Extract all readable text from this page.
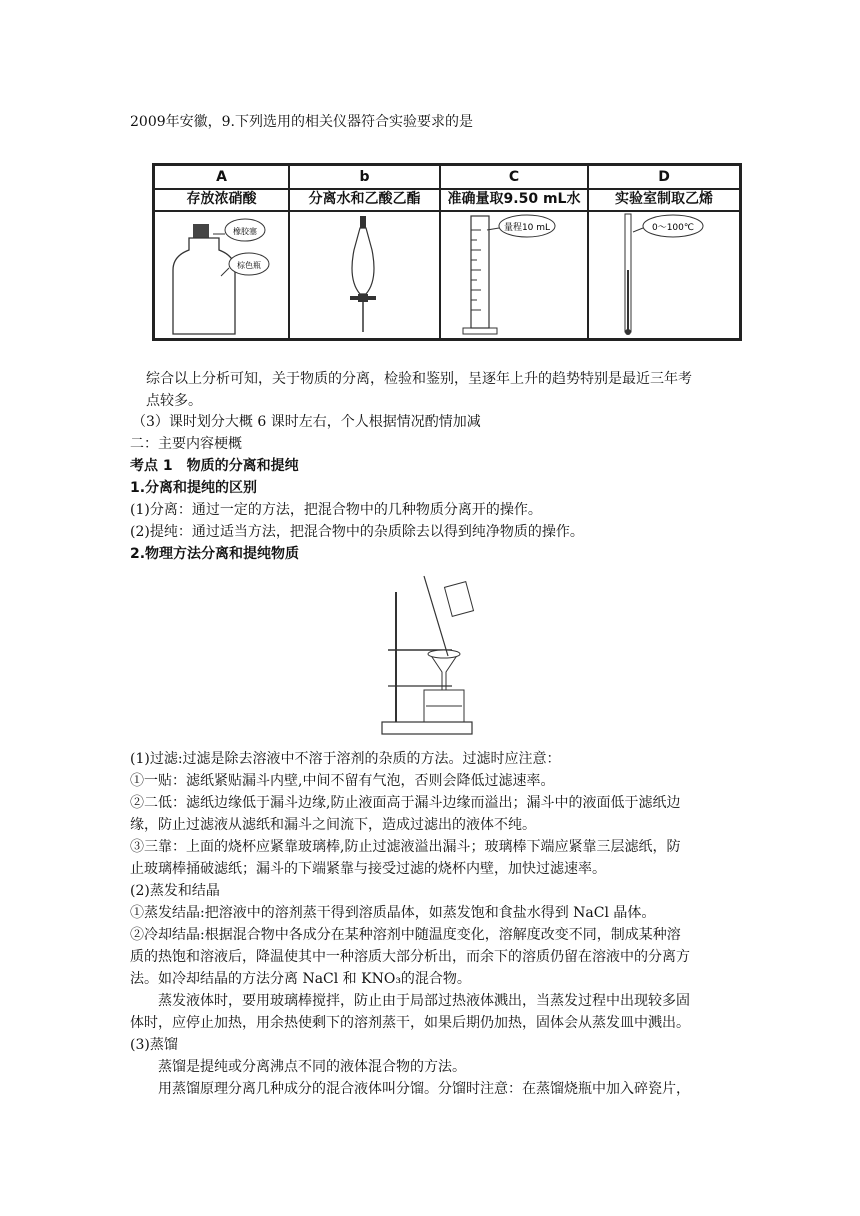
2009年安徽，9.下列选用的相关仪器符合实验要求的是
A
存放浓硝酸
橡胶塞
棕色瓶
b
分离水和乙酸乙酯
C
准确量取9.50 mL水
量程10 mL
D
实验室制取乙烯
0～100℃
综合以上分析可知，关于物质的分离，检验和鉴别，呈逐年上升的趋势特别是最近三年考
点较多。
（3）课时划分大概 6 课时左右，个人根据情况酌情加减
二：主要内容梗概
考点 1　物质的分离和提纯
1.分离和提纯的区别
(1)分离：通过一定的方法，把混合物中的几种物质分离开的操作。
(2)提纯：通过适当方法，把混合物中的杂质除去以得到纯净物质的操作。
2.物理方法分离和提纯物质
(1)过滤:过滤是除去溶液中不溶于溶剂的杂质的方法。过滤时应注意：
①一贴：滤纸紧贴漏斗内壁,中间不留有气泡，否则会降低过滤速率。
②二低：滤纸边缘低于漏斗边缘,防止液面高于漏斗边缘而溢出；漏斗中的液面低于滤纸边
缘，防止过滤液从滤纸和漏斗之间流下，造成过滤出的液体不纯。
③三靠：上面的烧杯应紧靠玻璃棒,防止过滤液溢出漏斗；玻璃棒下端应紧靠三层滤纸，防
止玻璃棒捅破滤纸；漏斗的下端紧靠与接受过滤的烧杯内壁，加快过滤速率。
(2)蒸发和结晶
①蒸发结晶:把溶液中的溶剂蒸干得到溶质晶体，如蒸发饱和食盐水得到 NaCl 晶体。
②冷却结晶:根据混合物中各成分在某种溶剂中随温度变化，溶解度改变不同，制成某种溶
质的热饱和溶液后，降温使其中一种溶质大部分析出，而余下的溶质仍留在溶液中的分离方
法。如冷却结晶的方法分离 NaCl 和 KNO₃的混合物。
　　蒸发液体时，要用玻璃棒搅拌，防止由于局部过热液体溅出，当蒸发过程中出现较多固
体时，应停止加热，用余热使剩下的溶剂蒸干，如果后期仍加热，固体会从蒸发皿中溅出。
(3)蒸馏
　　蒸馏是提纯或分离沸点不同的液体混合物的方法。
　　用蒸馏原理分离几种成分的混合液体叫分馏。分馏时注意：在蒸馏烧瓶中加入碎瓷片，
